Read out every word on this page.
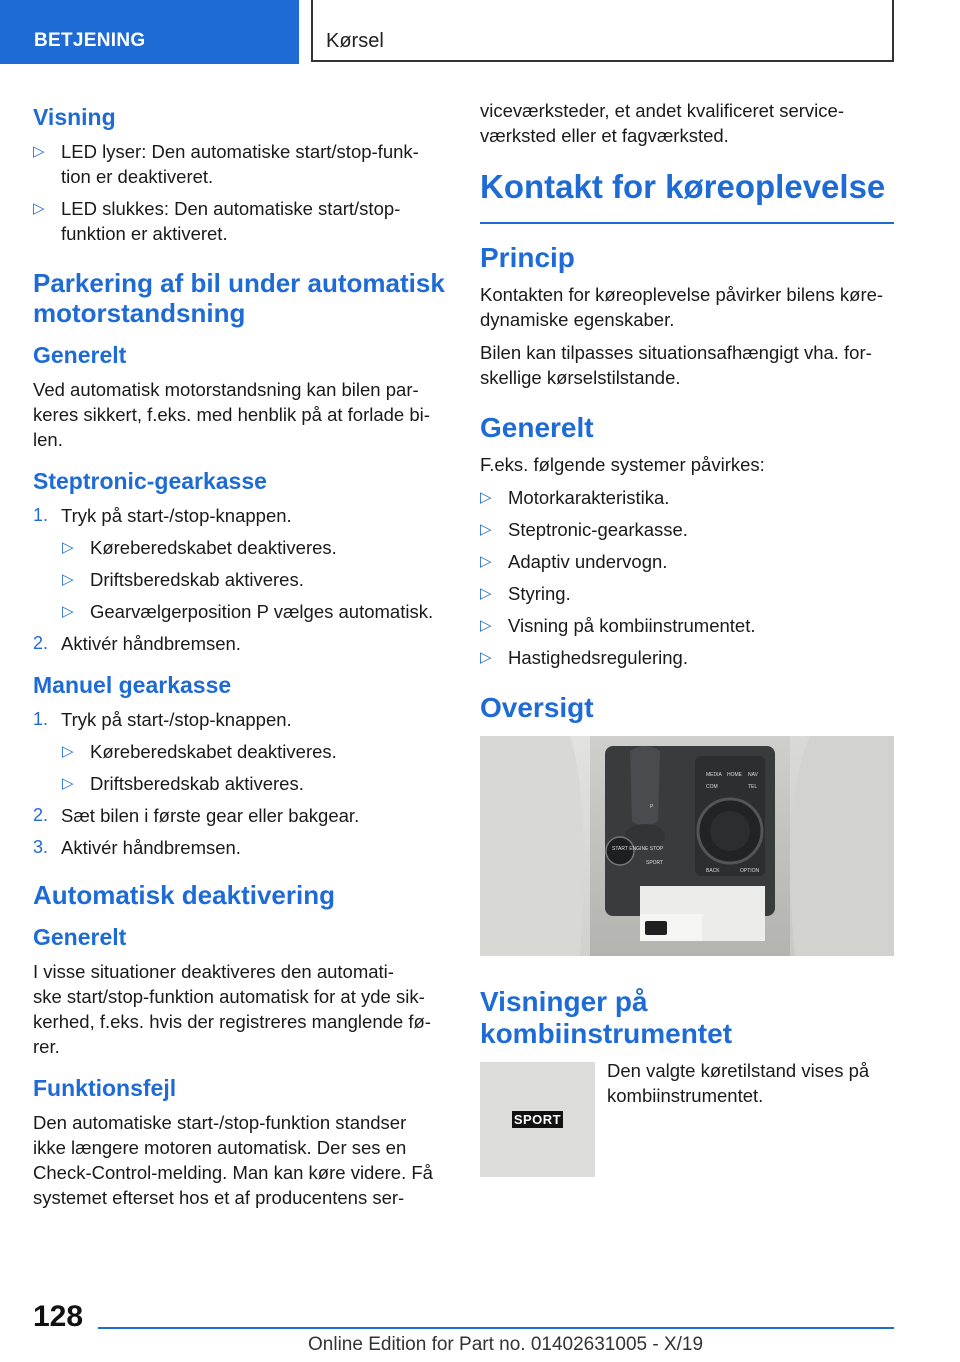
BETJENING	Kørsel
Visning
▷ LED lyser: Den automatiske start/stop-funk-
tion er deaktiveret.
▷ LED slukkes: Den automatiske start/stop-
funktion er aktiveret.
Parkering af bil under automatisk motorstandsning
Generelt

Ved automatisk motorstandsning kan bilen par-
keres sikkert, f.eks. med henblik på at forlade bi-
len.

Steptronic-gearkasse
1. Tryk på start-/stop-knappen.
▷ Køreberedskabet deaktiveres.
▷ Driftsberedskab aktiveres.
▷ Gearvælgerposition P vælges automatisk.
2. Aktivér håndbremsen.
Manuel gearkasse
1. Tryk på start-/stop-knappen.
▷ Køreberedskabet deaktiveres.
▷ Driftsberedskab aktiveres.
2. Sæt bilen i første gear eller bakgear.
3. Aktivér håndbremsen.
Automatisk deaktivering
Generelt

I visse situationer deaktiveres den automati-
ske start/stop-funktion automatisk for at yde sik-
kerhed, f.eks. hvis der registreres manglende fø-
rer.

Funktionsfejl

Den automatiske start-/stop-funktion standser
ikke længere motoren automatisk. Der ses en
Check-Control-melding. Man kan køre videre. Få
systemet efterset hos et af producentens ser-

viceværksteder, et andet kvalificeret service-
værksted eller et fagværksted.

Kontakt for køreoplevelse
Princip

Kontakten for køreoplevelse påvirker bilens køre-
dynamiske egenskaber.

Bilen kan tilpasses situationsafhængigt vha. for-
skellige kørselstilstande.

Generelt

F.eks. følgende systemer påvirkes:

▷ Motorkarakteristika.
▷ Steptronic-gearkasse.
▷ Adaptiv undervogn.
▷ Styring.
▷ Visning på kombiinstrumentet.
▷ Hastighedsregulering.
Oversigt
MEDIA HOME NAV
COM	TEL
BACK	OPTION
START ENGINE STOP
SPORT
P
Visninger på kombiinstrumentet
SPORT
Den valgte køretilstand vises på
kombiinstrumentet.
128
Online Edition for Part no. 01402631005 - X/19
